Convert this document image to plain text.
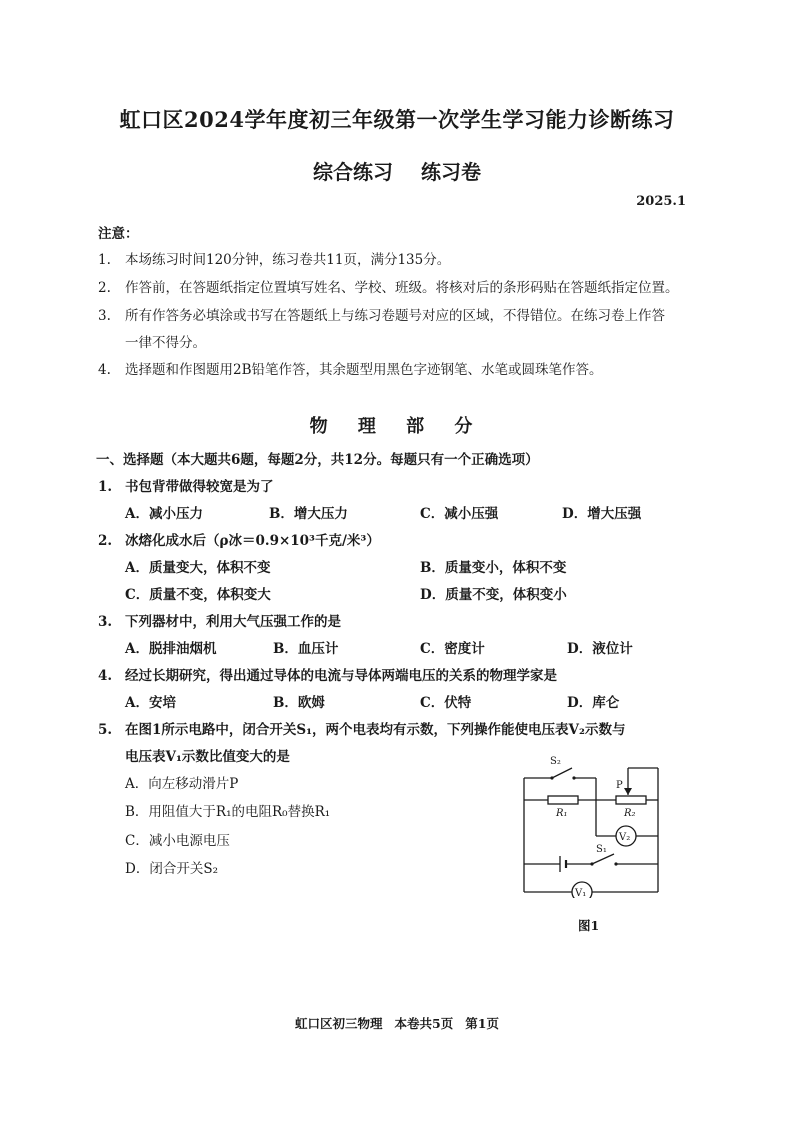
虹口区2024学年度初三年级第一次学生学习能力诊断练习
综合练习 练习卷
2025.1
注意：
1. 本场练习时间120分钟，练习卷共11页，满分135分。
2. 作答前，在答题纸指定位置填写姓名、学校、班级。将核对后的条形码贴在答题纸指定位置。
3. 所有作答务必填涂或书写在答题纸上与练习卷题号对应的区域，不得错位。在练习卷上作答
一律不得分。
4. 选择题和作图题用2B铅笔作答，其余题型用黑色字迹钢笔、水笔或圆珠笔作答。
物 理 部 分
一、选择题（本大题共6题，每题2分，共12分。每题只有一个正确选项）
1. 书包背带做得较宽是为了
A．减小压力	B．增大压力	C．减小压强	D．增大压强
2. 冰熔化成水后（ρ冰＝0.9×10³千克/米³）
A．质量变大，体积不变	B．质量变小，体积不变
C．质量不变，体积变大	D．质量不变，体积变小
3. 下列器材中，利用大气压强工作的是
A．脱排油烟机	B．血压计	C．密度计	D．液位计
4. 经过长期研究，得出通过导体的电流与导体两端电压的关系的物理学家是
A．安培	B．欧姆	C．伏特	D．库仑
5. 在图1所示电路中，闭合开关S₁，两个电表均有示数，下列操作能使电压表V₂示数与
电压表V₁示数比值变大的是
A．向左移动滑片P
B．用阻值大于R₁的电阻R₀替换R₁
C．减小电源电压
D．闭合开关S₂
S₂
P
R₁	R₂
V₂
S₁
V₁
图1
虹口区初三物理 本卷共5页 第1页
